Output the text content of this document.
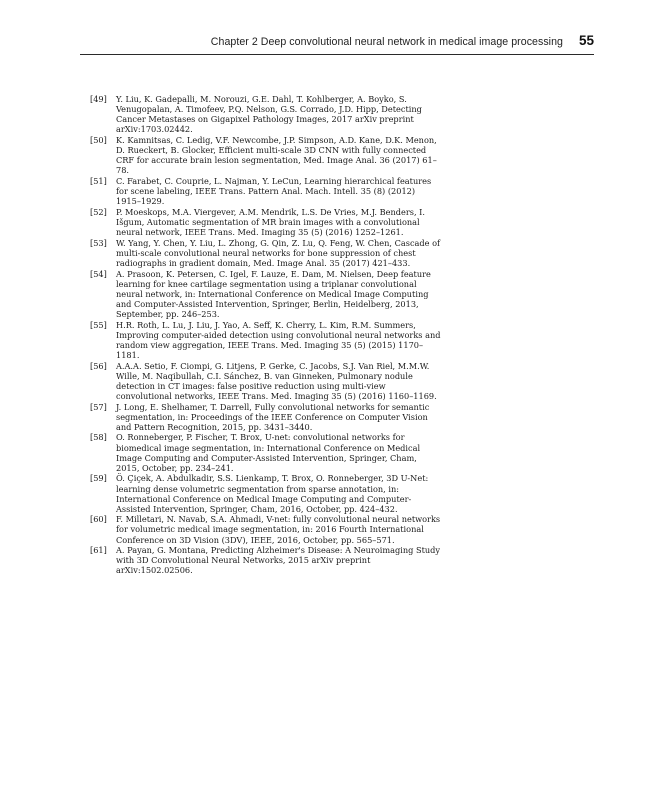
Chapter 2 Deep convolutional neural network in medical image processing 55
[49]	Y. Liu, K. Gadepalli, M. Norouzi, G.E. Dahl, T. Kohlberger, A. Boyko, S. Venugopalan, A. Timofeev, P.Q. Nelson, G.S. Corrado, J.D. Hipp, Detecting Cancer Metastases on Gigapixel Pathology Images, 2017 arXiv preprint arXiv:1703.02442.
[50]	K. Kamnitsas, C. Ledig, V.F. Newcombe, J.P. Simpson, A.D. Kane, D.K. Menon, D. Rueckert, B. Glocker, Efficient multi-scale 3D CNN with fully connected CRF for accurate brain lesion segmentation, Med. Image Anal. 36 (2017) 61–78.
[51]	C. Farabet, C. Couprie, L. Najman, Y. LeCun, Learning hierarchical features for scene labeling, IEEE Trans. Pattern Anal. Mach. Intell. 35 (8) (2012) 1915–1929.
[52]	P. Moeskops, M.A. Viergever, A.M. Mendrik, L.S. De Vries, M.J. Benders, I. Išgum, Automatic segmentation of MR brain images with a convolutional neural network, IEEE Trans. Med. Imaging 35 (5) (2016) 1252–1261.
[53]	W. Yang, Y. Chen, Y. Liu, L. Zhong, G. Qin, Z. Lu, Q. Feng, W. Chen, Cascade of multi-scale convolutional neural networks for bone suppression of chest radiographs in gradient domain, Med. Image Anal. 35 (2017) 421–433.
[54]	A. Prasoon, K. Petersen, C. Igel, F. Lauze, E. Dam, M. Nielsen, Deep feature learning for knee cartilage segmentation using a triplanar convolutional neural network, in: International Conference on Medical Image Computing and Computer-Assisted Intervention, Springer, Berlin, Heidelberg, 2013, September, pp. 246–253.
[55]	H.R. Roth, L. Lu, J. Liu, J. Yao, A. Seff, K. Cherry, L. Kim, R.M. Summers, Improving computer-aided detection using convolutional neural networks and random view aggregation, IEEE Trans. Med. Imaging 35 (5) (2015) 1170–1181.
[56]	A.A.A. Setio, F. Ciompi, G. Litjens, P. Gerke, C. Jacobs, S.J. Van Riel, M.M.W. Wille, M. Naqibullah, C.I. Sánchez, B. van Ginneken, Pulmonary nodule detection in CT images: false positive reduction using multi-view convolutional networks, IEEE Trans. Med. Imaging 35 (5) (2016) 1160–1169.
[57]	J. Long, E. Shelhamer, T. Darrell, Fully convolutional networks for semantic segmentation, in: Proceedings of the IEEE Conference on Computer Vision and Pattern Recognition, 2015, pp. 3431–3440.
[58]	O. Ronneberger, P. Fischer, T. Brox, U-net: convolutional networks for biomedical image segmentation, in: International Conference on Medical Image Computing and Computer-Assisted Intervention, Springer, Cham, 2015, October, pp. 234–241.
[59]	Ö. Çiçek, A. Abdulkadir, S.S. Lienkamp, T. Brox, O. Ronneberger, 3D U-Net: learning dense volumetric segmentation from sparse annotation, in: International Conference on Medical Image Computing and Computer-Assisted Intervention, Springer, Cham, 2016, October, pp. 424–432.
[60]	F. Milletari, N. Navab, S.A. Ahmadi, V-net: fully convolutional neural networks for volumetric medical image segmentation, in: 2016 Fourth International Conference on 3D Vision (3DV), IEEE, 2016, October, pp. 565–571.
[61]	A. Payan, G. Montana, Predicting Alzheimer's Disease: A Neuroimaging Study with 3D Convolutional Neural Networks, 2015 arXiv preprint arXiv:1502.02506.
